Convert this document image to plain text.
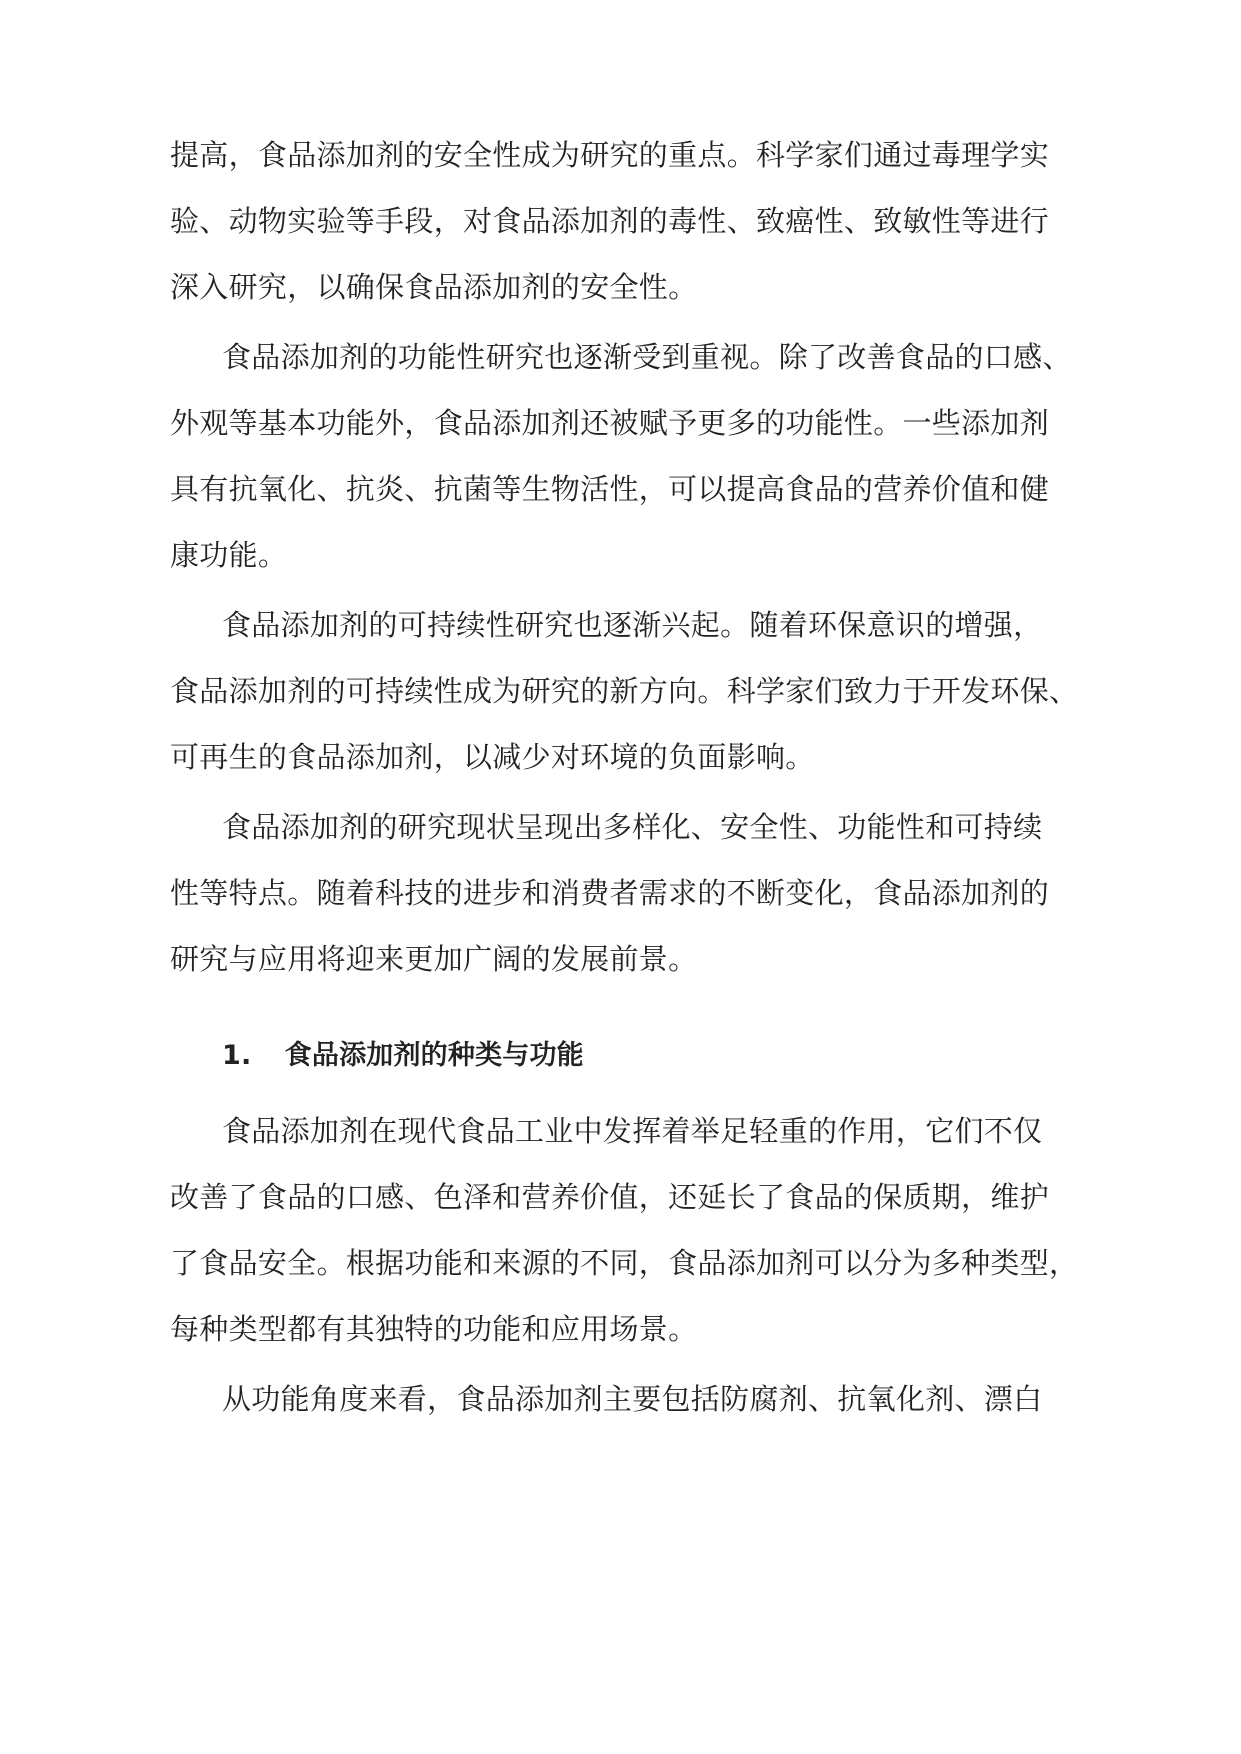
提高，食品添加剂的安全性成为研究的重点。科学家们通过毒理学实
验、动物实验等手段，对食品添加剂的毒性、致癌性、致敏性等进行
深入研究，以确保食品添加剂的安全性。
食品添加剂的功能性研究也逐渐受到重视。除了改善食品的口感、
外观等基本功能外，食品添加剂还被赋予更多的功能性。一些添加剂
具有抗氧化、抗炎、抗菌等生物活性，可以提高食品的营养价值和健
康功能。
食品添加剂的可持续性研究也逐渐兴起。随着环保意识的增强，
食品添加剂的可持续性成为研究的新方向。科学家们致力于开发环保、
可再生的食品添加剂，以减少对环境的负面影响。
食品添加剂的研究现状呈现出多样化、安全性、功能性和可持续
性等特点。随着科技的进步和消费者需求的不断变化，食品添加剂的
研究与应用将迎来更加广阔的发展前景。
1. 食品添加剂的种类与功能
食品添加剂在现代食品工业中发挥着举足轻重的作用，它们不仅
改善了食品的口感、色泽和营养价值，还延长了食品的保质期，维护
了食品安全。根据功能和来源的不同，食品添加剂可以分为多种类型，
每种类型都有其独特的功能和应用场景。
从功能角度来看，食品添加剂主要包括防腐剂、抗氧化剂、漂白
